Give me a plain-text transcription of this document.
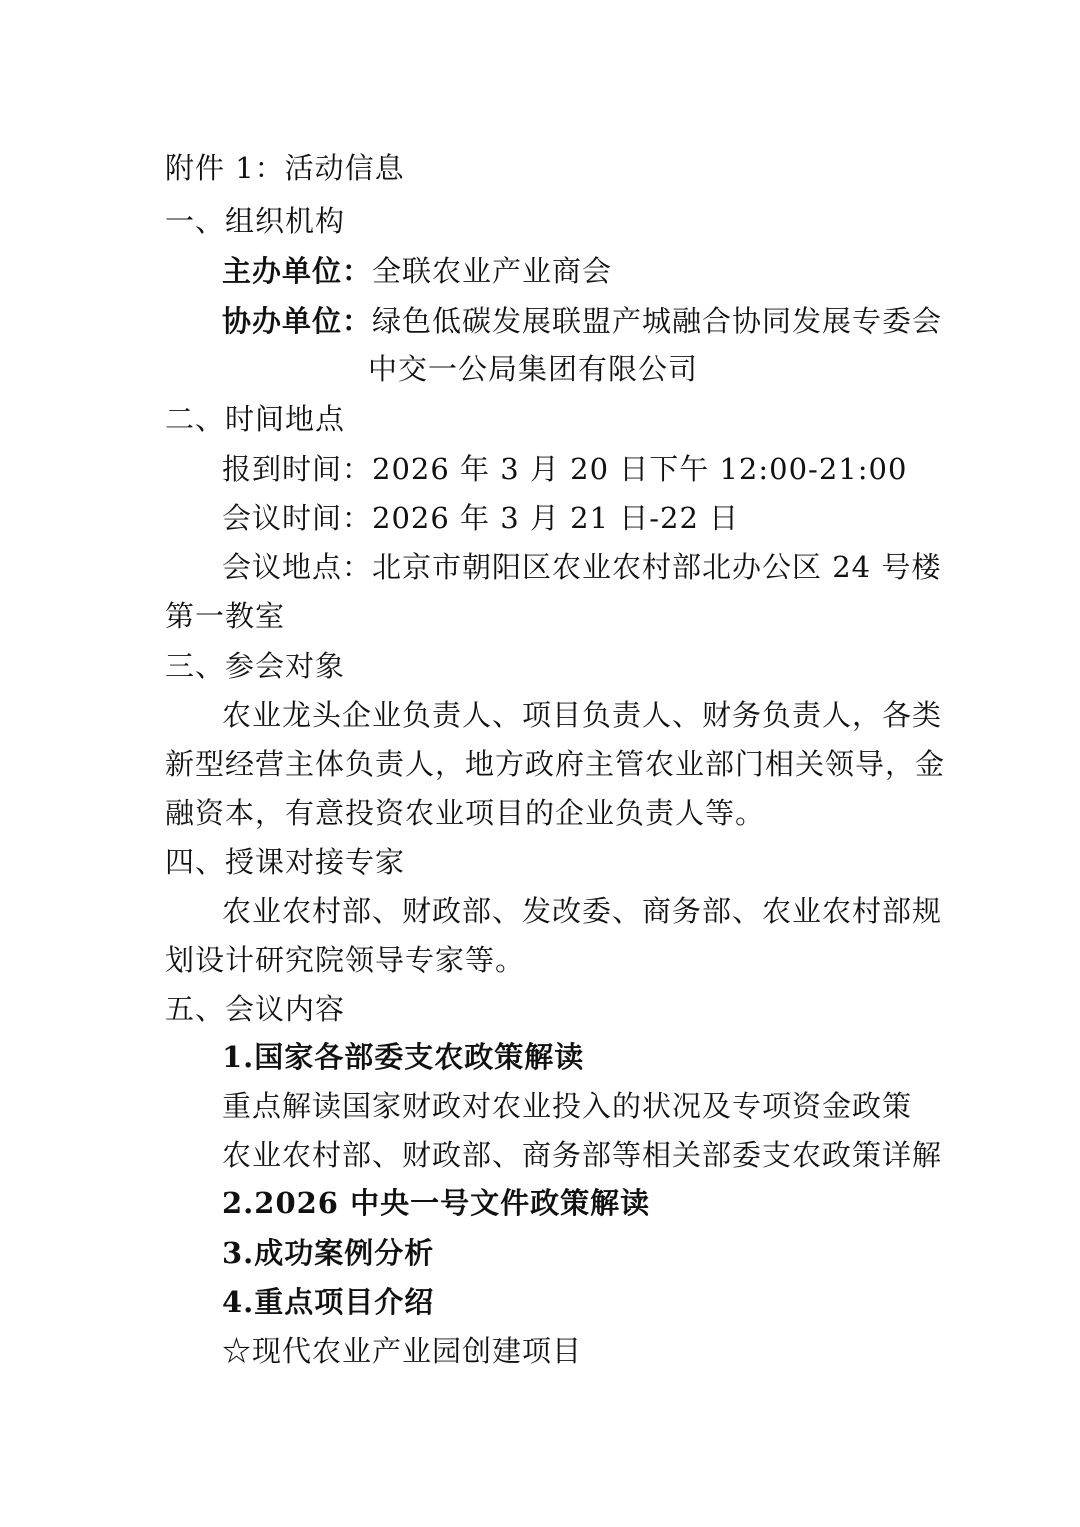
附件 1：活动信息
一、组织机构
主办单位：全联农业产业商会
协办单位：绿色低碳发展联盟产城融合协同发展专委会
中交一公局集团有限公司
二、时间地点
报到时间：2026 年 3 月 20 日下午 12:00-21:00
会议时间：2026 年 3 月 21 日-22 日
会议地点：北京市朝阳区农业农村部北办公区 24 号楼
第一教室
三、参会对象
农业龙头企业负责人、项目负责人、财务负责人，各类
新型经营主体负责人，地方政府主管农业部门相关领导，金
融资本，有意投资农业项目的企业负责人等。
四、授课对接专家
农业农村部、财政部、发改委、商务部、农业农村部规
划设计研究院领导专家等。
五、会议内容
1.国家各部委支农政策解读
重点解读国家财政对农业投入的状况及专项资金政策
农业农村部、财政部、商务部等相关部委支农政策详解
2.2026 中央一号文件政策解读
3.成功案例分析
4.重点项目介绍
☆现代农业产业园创建项目
